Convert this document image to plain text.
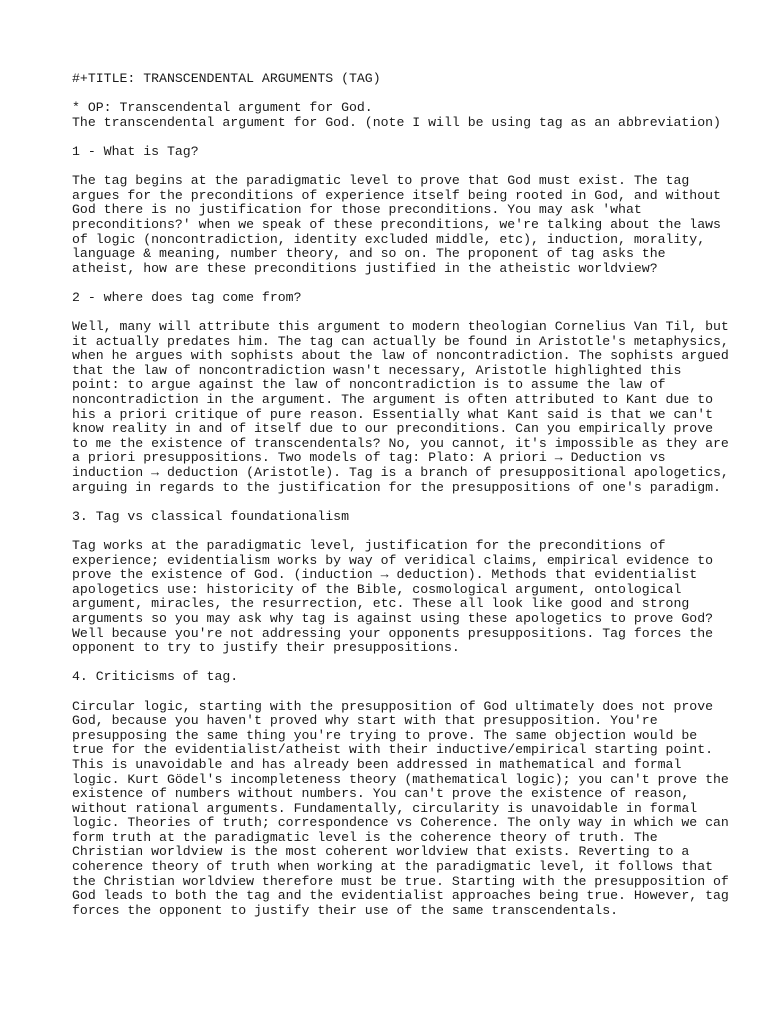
#+TITLE: TRANSCENDENTAL ARGUMENTS (TAG)
* OP: Transcendental argument for God.
The transcendental argument for God. (note I will be using tag as an abbreviation)
1 - What is Tag?
The tag begins at the paradigmatic level to prove that God must exist. The tag
argues for the preconditions of experience itself being rooted in God, and without
God there is no justification for those preconditions. You may ask 'what
preconditions?' when we speak of these preconditions, we're talking about the laws
of logic (noncontradiction, identity excluded middle, etc), induction, morality,
language & meaning, number theory, and so on. The proponent of tag asks the
atheist, how are these preconditions justified in the atheistic worldview?
2 - where does tag come from?
Well, many will attribute this argument to modern theologian Cornelius Van Til, but
it actually predates him. The tag can actually be found in Aristotle's metaphysics,
when he argues with sophists about the law of noncontradiction. The sophists argued
that the law of noncontradiction wasn't necessary, Aristotle highlighted this
point: to argue against the law of noncontradiction is to assume the law of
noncontradiction in the argument. The argument is often attributed to Kant due to
his a priori critique of pure reason. Essentially what Kant said is that we can't
know reality in and of itself due to our preconditions. Can you empirically prove
to me the existence of transcendentals? No, you cannot, it's impossible as they are
a priori presuppositions. Two models of tag: Plato: A priori → Deduction vs
induction → deduction (Aristotle). Tag is a branch of presuppositional apologetics,
arguing in regards to the justification for the presuppositions of one's paradigm.
3. Tag vs classical foundationalism
Tag works at the paradigmatic level, justification for the preconditions of
experience; evidentialism works by way of veridical claims, empirical evidence to
prove the existence of God. (induction → deduction). Methods that evidentialist
apologetics use: historicity of the Bible, cosmological argument, ontological
argument, miracles, the resurrection, etc. These all look like good and strong
arguments so you may ask why tag is against using these apologetics to prove God?
Well because you're not addressing your opponents presuppositions. Tag forces the
opponent to try to justify their presuppositions.
4. Criticisms of tag.
Circular logic, starting with the presupposition of God ultimately does not prove
God, because you haven't proved why start with that presupposition. You're
presupposing the same thing you're trying to prove. The same objection would be
true for the evidentialist/atheist with their inductive/empirical starting point.
This is unavoidable and has already been addressed in mathematical and formal
logic. Kurt Gödel's incompleteness theory (mathematical logic); you can't prove the
existence of numbers without numbers. You can't prove the existence of reason,
without rational arguments. Fundamentally, circularity is unavoidable in formal
logic. Theories of truth; correspondence vs Coherence. The only way in which we can
form truth at the paradigmatic level is the coherence theory of truth. The
Christian worldview is the most coherent worldview that exists. Reverting to a
coherence theory of truth when working at the paradigmatic level, it follows that
the Christian worldview therefore must be true. Starting with the presupposition of
God leads to both the tag and the evidentialist approaches being true. However, tag
forces the opponent to justify their use of the same transcendentals.
